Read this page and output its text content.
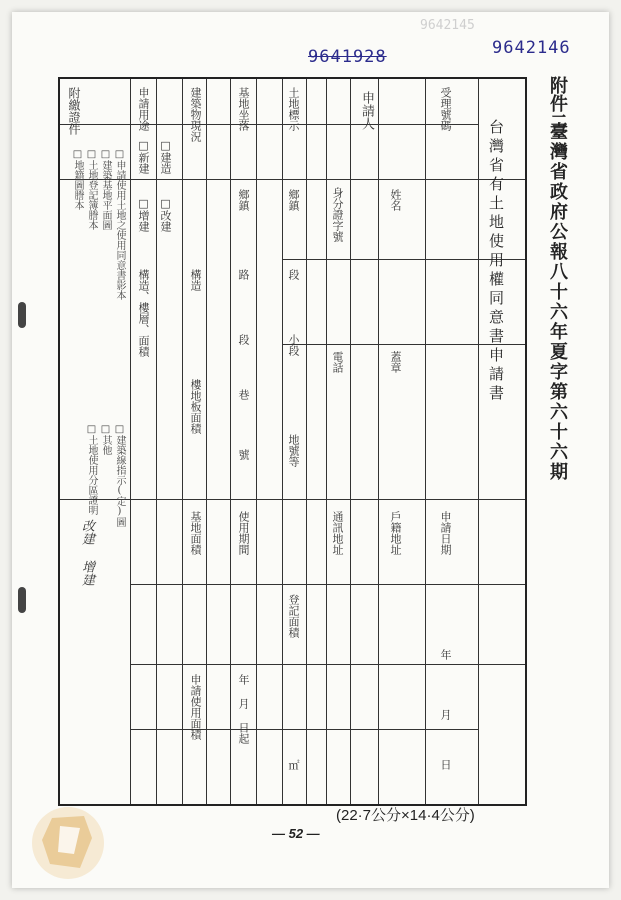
9642145
9641928	9642146
附件二
臺灣省政府公報八十六年夏字第六十六期
台灣省有土地使用權同意書申請書
受理號碼
申請日期
年
月
日
申請人
姓名
蓋章
戶籍地址
身分證字號
電話
通訊地址
土地標示
鄉鎮
段
小段
地號等
登記面積
㎡
基地坐落
鄉鎮
路
段
巷
號
使用期間
年 月 日起
建築物現況
構造
樓地板面積
基地面積
申請使用面積
申請用途
□建造
□改建
□新建
□增建
構造、樓層、面積
附繳證件
□申請使用土地之使用同意書影本
□建築基地平面圖
□土地登記簿謄本
□地籍圖謄本
□建築線指示(定)圖
□其他
□土地使用分區證明
改建 增建
— 52 —
(22·7公分×14·4公分)
